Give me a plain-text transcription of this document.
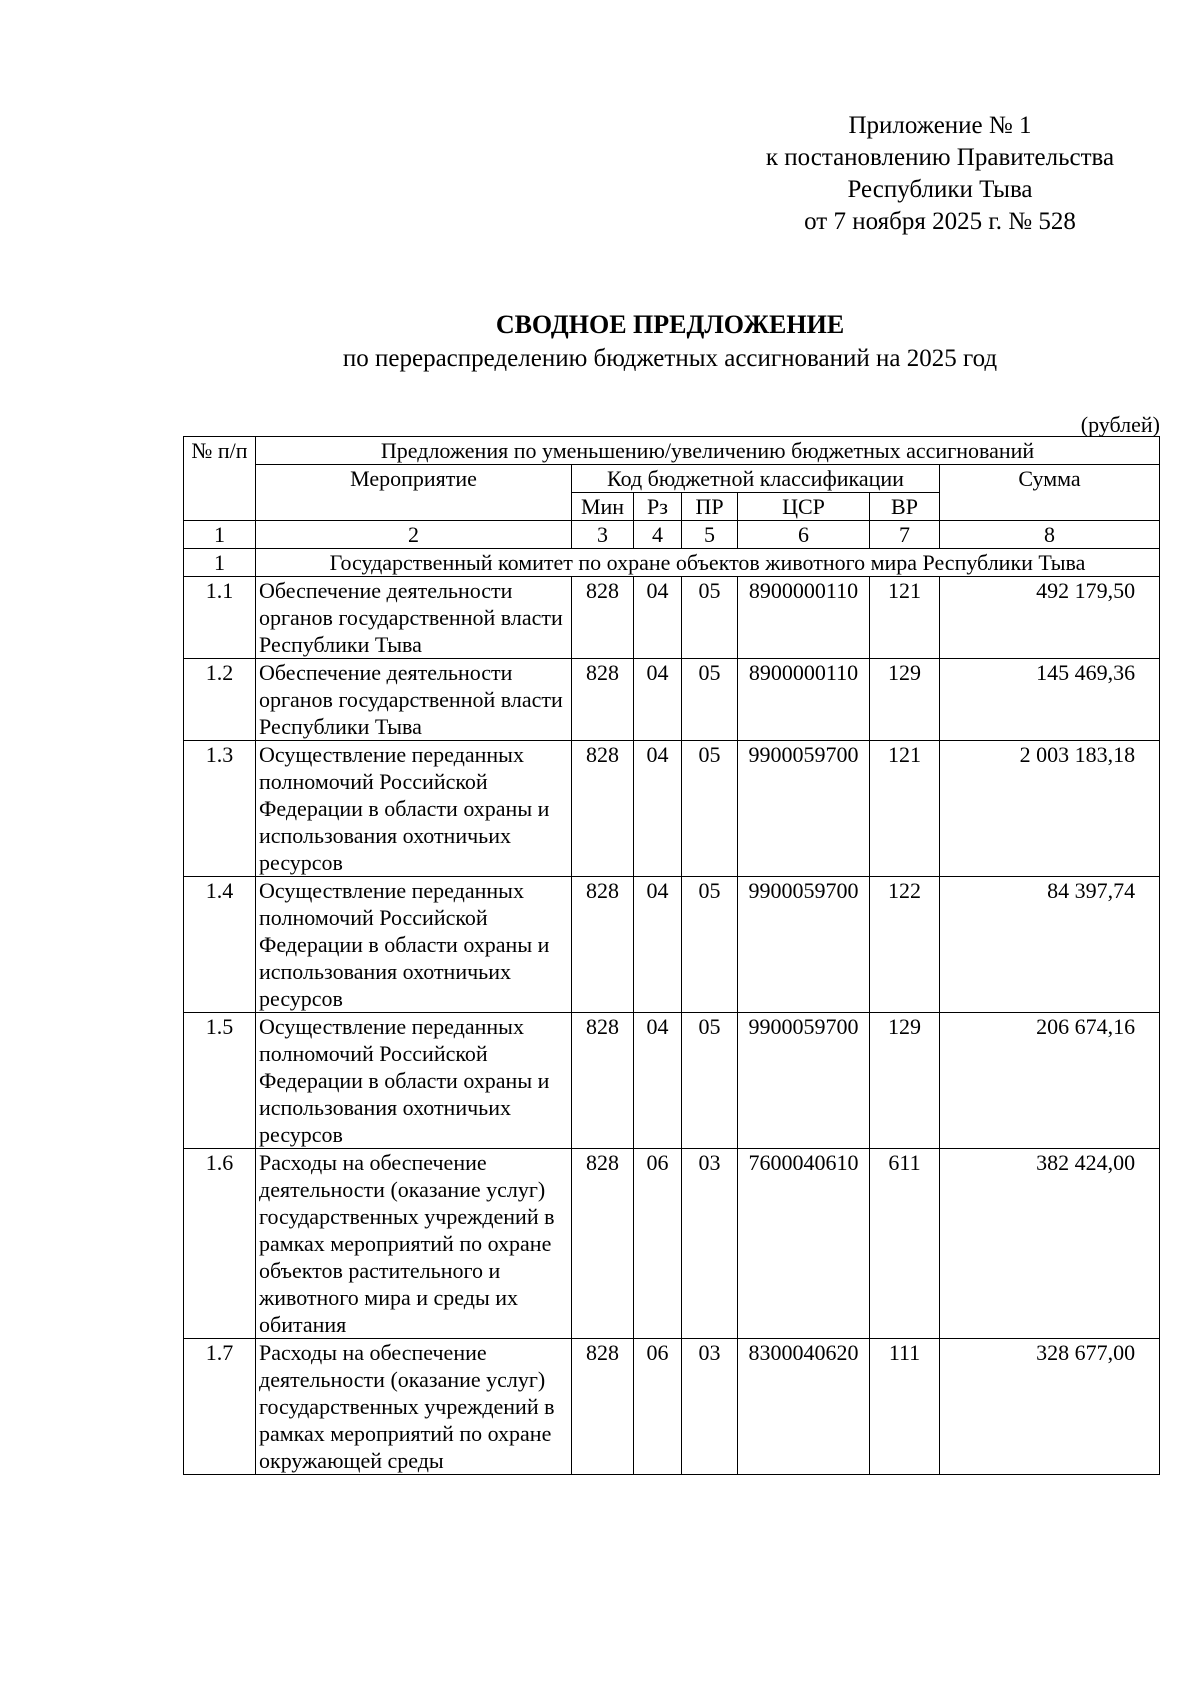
Приложение № 1
к постановлению Правительства
Республики Тыва
от 7 ноября 2025 г. № 528
СВОДНОЕ ПРЕДЛОЖЕНИЕ
по перераспределению бюджетных ассигнований на 2025 год
(рублей)
№ п/п	Предложения по уменьшению/увеличению бюджетных ассигнований						
	Мероприятие	Код бюджетной классификации					Сумма
		Мин	Рз	ПР	ЦСР	ВР	
1	2	3	4	5	6	7	8
1	Государственный комитет по охране объектов животного мира Республики Тыва						
1.1	Обеспечение деятельности органов государственной власти Республики Тыва	828	04	05	8900000110	121	492 179,50
1.2	Обеспечение деятельности органов государственной власти Республики Тыва	828	04	05	8900000110	129	145 469,36
1.3	Осуществление переданных полномочий Российской Федерации в области охраны и использования охотничьих ресурсов	828	04	05	9900059700	121	2 003 183,18
1.4	Осуществление переданных полномочий Российской Федерации в области охраны и использования охотничьих ресурсов	828	04	05	9900059700	122	84 397,74
1.5	Осуществление переданных полномочий Российской Федерации в области охраны и использования охотничьих ресурсов	828	04	05	9900059700	129	206 674,16
1.6	Расходы на обеспечение деятельности (оказание услуг) государственных учреждений в рамках мероприятий по охране объектов растительного и животного мира и среды их обитания	828	06	03	7600040610	611	382 424,00
1.7	Расходы на обеспечение деятельности (оказание услуг) государственных учреждений в рамках мероприятий по охране окружающей среды	828	06	03	8300040620	111	328 677,00
